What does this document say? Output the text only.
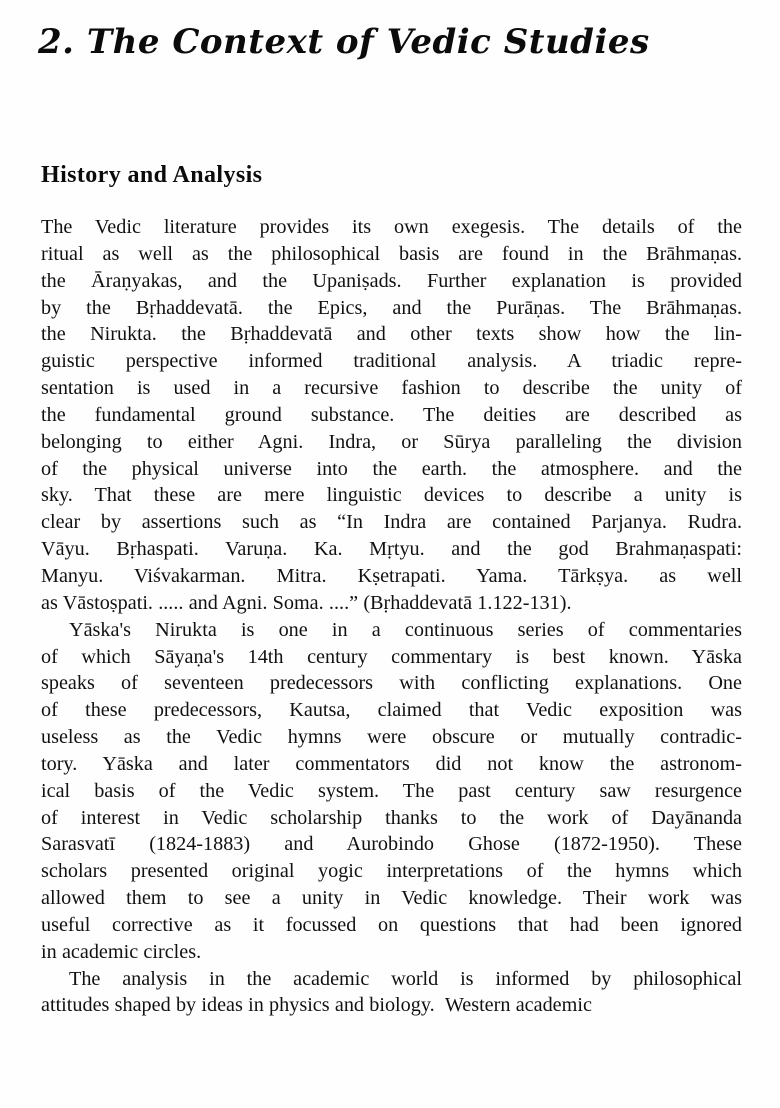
2. The Context of Vedic Studies
History and Analysis
The Vedic literature provides its own exegesis. The details of the
ritual as well as the philosophical basis are found in the Brāhmaṇas.
the Āraṇyakas, and the Upaniṣads. Further explanation is provided
by the Bṛhaddevatā. the Epics, and the Purāṇas. The Brāhmaṇas.
the Nirukta. the Bṛhaddevatā and other texts show how the lin-
guistic perspective informed traditional analysis. A triadic repre-
sentation is used in a recursive fashion to describe the unity of
the fundamental ground substance. The deities are described as
belonging to either Agni. Indra, or Sūrya paralleling the division
of the physical universe into the earth. the atmosphere. and the
sky. That these are mere linguistic devices to describe a unity is
clear by assertions such as “In Indra are contained Parjanya. Rudra.
Vāyu. Bṛhaspati. Varuṇa. Ka. Mṛtyu. and the god Brahmaṇaspati:
Manyu. Viśvakarman. Mitra. Kṣetrapati. Yama. Tārkṣya. as well
as Vāstoṣpati. ..... and Agni. Soma. ....” (Bṛhaddevatā 1.122-131).
Yāska's Nirukta is one in a continuous series of commentaries
of which Sāyaṇa's 14th century commentary is best known. Yāska
speaks of seventeen predecessors with conflicting explanations. One
of these predecessors, Kautsa, claimed that Vedic exposition was
useless as the Vedic hymns were obscure or mutually contradic-
tory. Yāska and later commentators did not know the astronom-
ical basis of the Vedic system. The past century saw resurgence
of interest in Vedic scholarship thanks to the work of Dayānanda
Sarasvatī (1824-1883) and Aurobindo Ghose (1872-1950). These
scholars presented original yogic interpretations of the hymns which
allowed them to see a unity in Vedic knowledge. Their work was
useful corrective as it focussed on questions that had been ignored
in academic circles.
The analysis in the academic world is informed by philosophical
attitudes shaped by ideas in physics and biology.  Western academic
